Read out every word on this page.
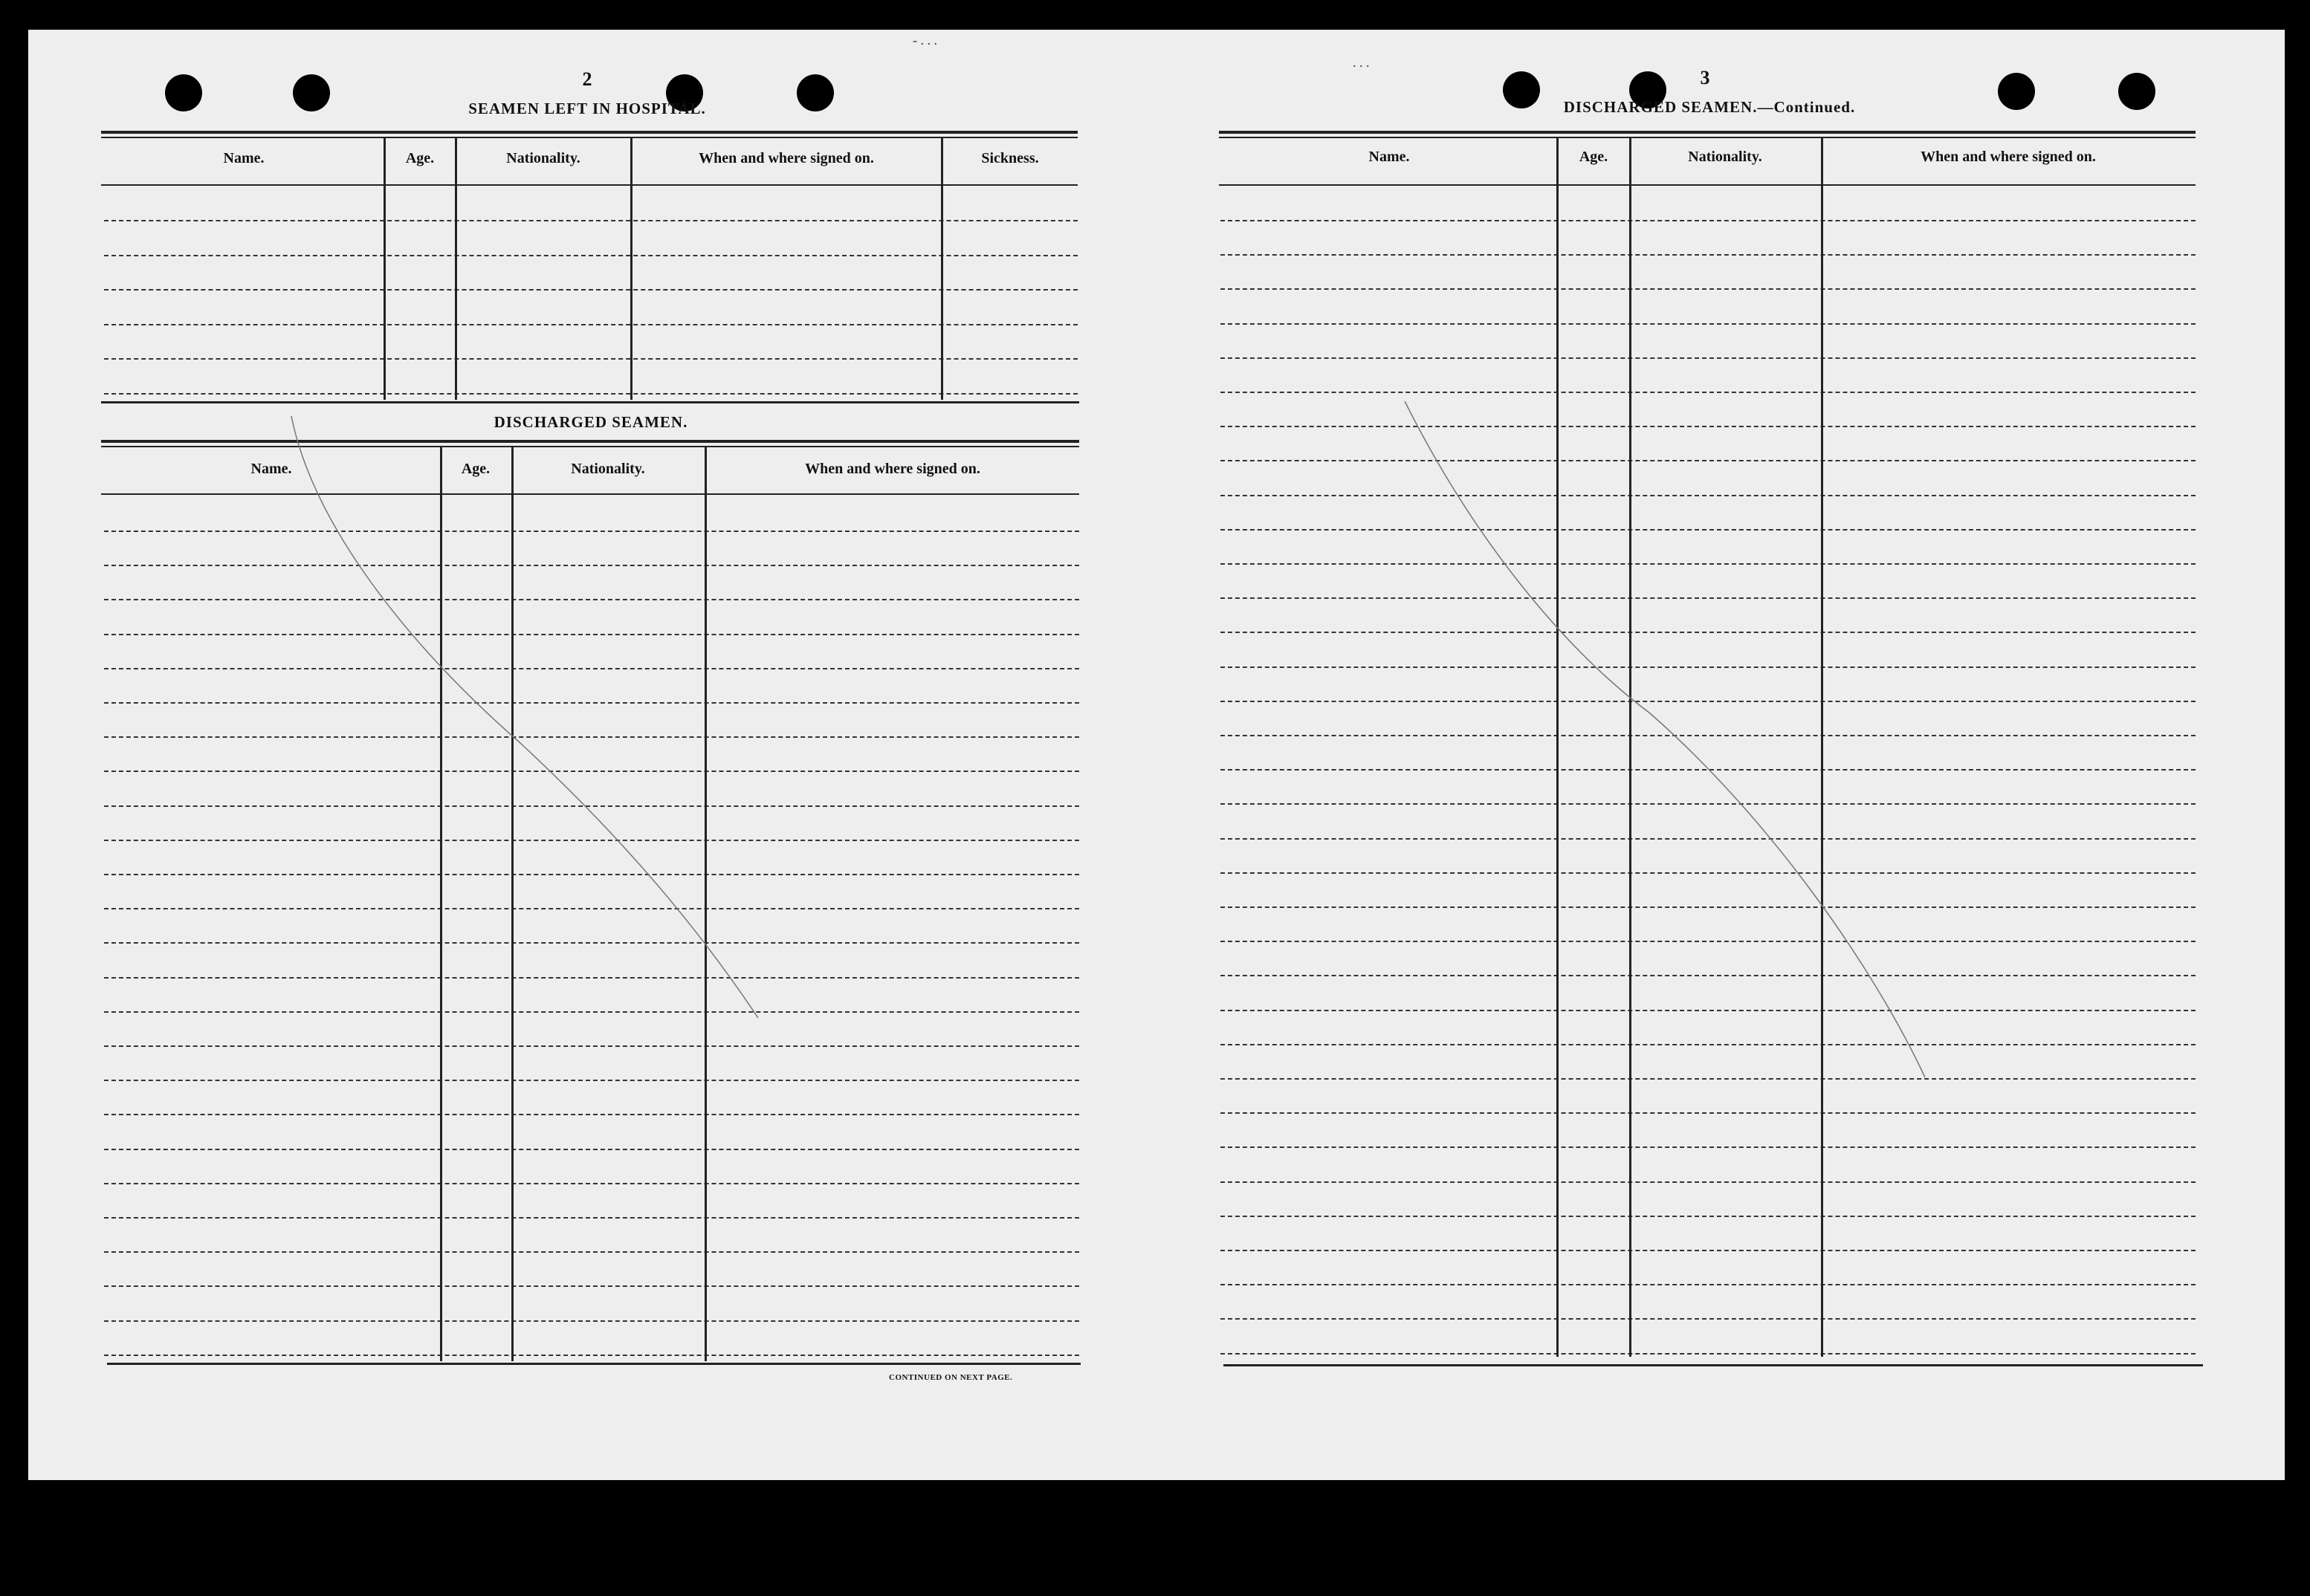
- . . .
. . .
2
SEAMEN LEFT IN HOSPITAL.
Name.	Age.	Nationality.	When and where signed on.	Sickness.
DISCHARGED SEAMEN.
Name.	Age.	Nationality.	When and where signed on.
CONTINUED ON NEXT PAGE.
3
DISCHARGED SEAMEN.—Continued.
Name.	Age.	Nationality.	When and where signed on.
